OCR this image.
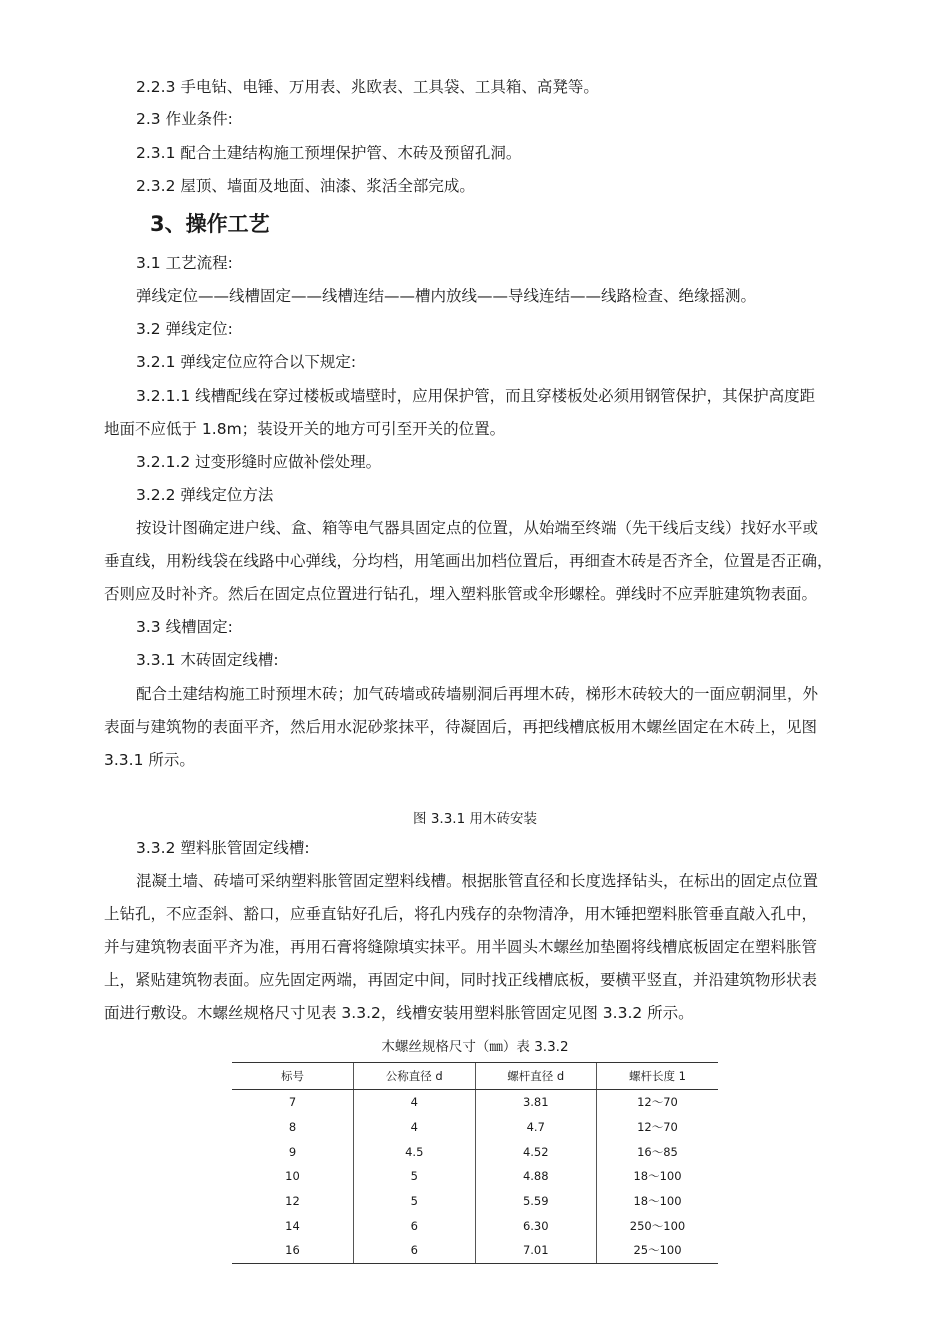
2.2.3 手电钻、电锤、万用表、兆欧表、工具袋、工具箱、高凳等。
2.3 作业条件:
2.3.1 配合土建结构施工预埋保护管、木砖及预留孔洞。
2.3.2 屋顶、墙面及地面、油漆、浆活全部完成。
3、操作工艺
3.1 工艺流程:
弹线定位——线槽固定——线槽连结——槽内放线——导线连结——线路检查、绝缘摇测。
3.2 弹线定位:
3.2.1 弹线定位应符合以下规定:
3.2.1.1 线槽配线在穿过楼板或墙壁时，应用保护管，而且穿楼板处必须用钢管保护，其保护高度距
地面不应低于 1.8m；装设开关的地方可引至开关的位置。
3.2.1.2 过变形缝时应做补偿处理。
3.2.2 弹线定位方法
按设计图确定进户线、盒、箱等电气器具固定点的位置，从始端至终端（先干线后支线）找好水平或
垂直线，用粉线袋在线路中心弹线，分均档，用笔画出加档位置后，再细查木砖是否齐全，位置是否正确，
否则应及时补齐。然后在固定点位置进行钻孔，埋入塑料胀管或伞形螺栓。弹线时不应弄脏建筑物表面。
3.3 线槽固定:
3.3.1 木砖固定线槽:
配合土建结构施工时预埋木砖；加气砖墙或砖墙剔洞后再埋木砖，梯形木砖较大的一面应朝洞里，外
表面与建筑物的表面平齐，然后用水泥砂浆抹平，待凝固后，再把线槽底板用木螺丝固定在木砖上，见图
3.3.1 所示。
图 3.3.1 用木砖安装
3.3.2 塑料胀管固定线槽:
混凝土墙、砖墙可采纳塑料胀管固定塑料线槽。根据胀管直径和长度选择钻头，在标出的固定点位置
上钻孔，不应歪斜、豁口，应垂直钻好孔后，将孔内残存的杂物清净，用木锤把塑料胀管垂直敲入孔中，
并与建筑物表面平齐为准，再用石膏将缝隙填实抹平。用半圆头木螺丝加垫圈将线槽底板固定在塑料胀管
上，紧贴建筑物表面。应先固定两端，再固定中间，同时找正线槽底板，要横平竖直，并沿建筑物形状表
面进行敷设。木螺丝规格尺寸见表 3.3.2，线槽安装用塑料胀管固定见图 3.3.2 所示。
木螺丝规格尺寸（㎜）表 3.3.2
标号	公称直径 d	螺杆直径 d	螺杆长度 1
7	4	3.81	12～70
8	4	4.7	12～70
9	4.5	4.52	16～85
10	5	4.88	18～100
12	5	5.59	18～100
14	6	6.30	250～100
16	6	7.01	25～100
